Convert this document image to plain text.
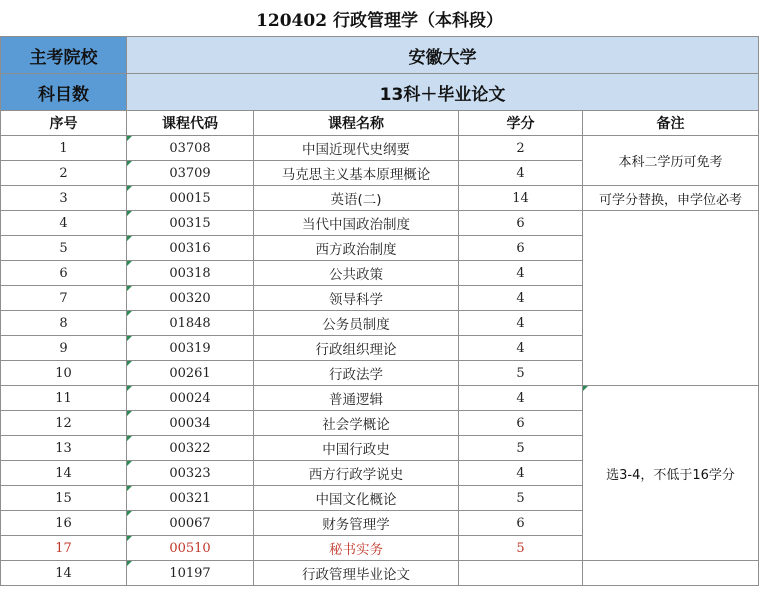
120402 行政管理学（本科段）				
主考院校	安徽大学			
科目数	13科＋毕业论文			
序号	课程代码	课程名称	学分	备注
1	03708	中国近现代史纲要	2	本科二学历可免考
2	03709	马克思主义基本原理概论	4	
3	00015	英语(二)	14	可学分替换，申学位必考
4	00315	当代中国政治制度	6	
5	00316	西方政治制度	6	
6	00318	公共政策	4	
7	00320	领导科学	4	
8	01848	公务员制度	4	
9	00319	行政组织理论	4	
10	00261	行政法学	5	
11	00024	普通逻辑	4	选3-4，不低于16学分
12	00034	社会学概论	6	
13	00322	中国行政史	5	
14	00323	西方行政学说史	4	
15	00321	中国文化概论	5	
16	00067	财务管理学	6	
17	00510	秘书实务	5	
14	10197	行政管理毕业论文		
